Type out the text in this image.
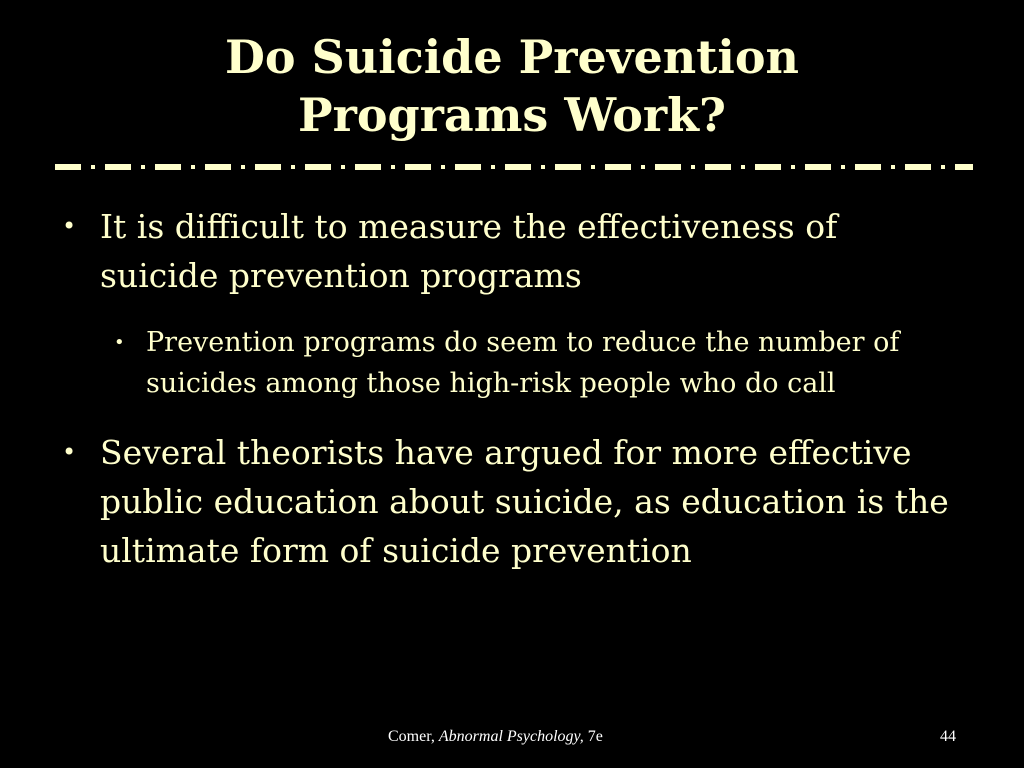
Do Suicide Prevention
Programs Work?
• It is difficult to measure the effectiveness of suicide prevention programs
• Prevention programs do seem to reduce the number of suicides among those high-risk people who do call
• Several theorists have argued for more effective public education about suicide, as education is the ultimate form of suicide prevention
Comer, Abnormal Psychology, 7e	44
